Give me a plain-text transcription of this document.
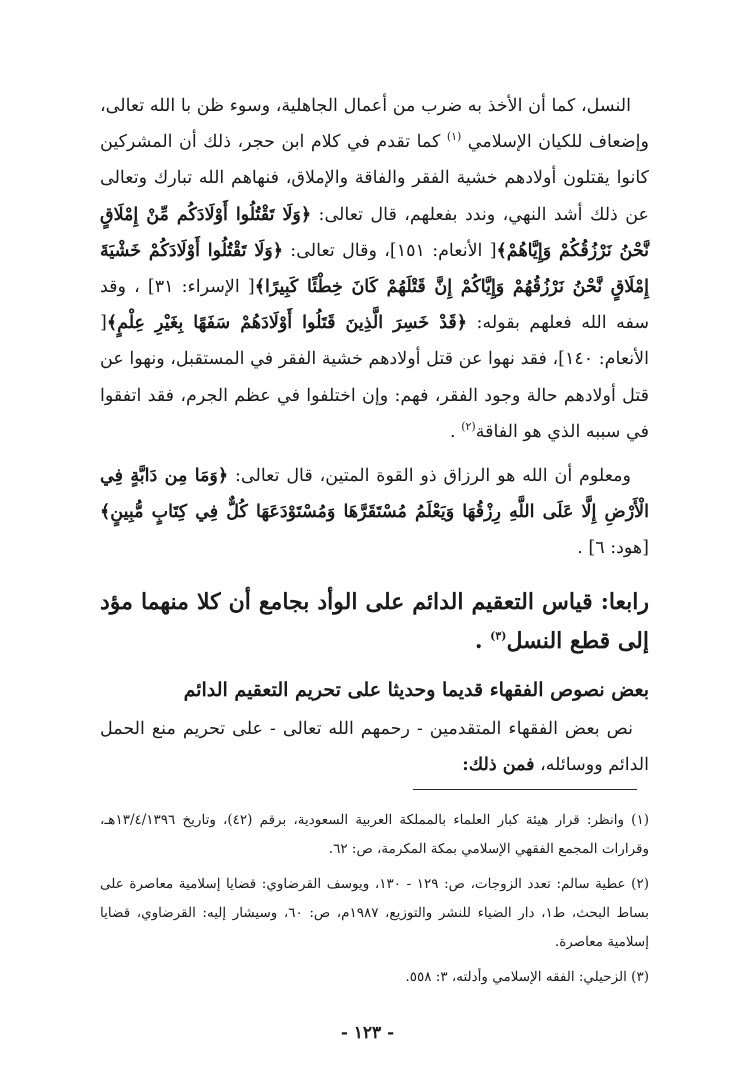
النسل، كما أن الأخذ به ضرب من أعمال الجاهلية، وسوء ظن با الله تعالى، وإضعاف للكيان الإسلامي $^{(١)}$ كما تقدم في كلام ابن حجر، ذلك أن المشركين كانوا يقتلون أولادهم خشية الفقر والفاقة والإملاق، فنهاهم الله تبارك وتعالى عن ذلك أشد النهي، وندد بفعلهم، قال تعالى: ﴿وَلَا تَقْتُلُوا أَوْلَادَكُم مِّنْ إِمْلَاقٍ نَّحْنُ نَرْزُقُكُمْ وَإِيَّاهُمْ﴾[ الأنعام: ١٥١]، وقال تعالى: ﴿وَلَا تَقْتُلُوا أَوْلَادَكُمْ خَشْيَةَ إِمْلَاقٍ نَّحْنُ نَرْزُقُهُمْ وَإِيَّاكُمْ إِنَّ قَتْلَهُمْ كَانَ خِطْئًا كَبِيرًا﴾[ الإسراء: ٣١] ، وقد سفه الله فعلهم بقوله: ﴿قَدْ خَسِرَ الَّذِينَ قَتَلُوا أَوْلَادَهُمْ سَفَهًا بِغَيْرِ عِلْمٍ﴾[ الأنعام: ١٤٠]، فقد نهوا عن قتل أولادهم خشية الفقر في المستقبل، ونهوا عن قتل أولادهم حالة وجود الفقر، فهم: وإن اختلفوا في عظم الجرم، فقد اتفقوا في سببه الذي هو الفاقة$^{(٢)}$ .

ومعلوم أن الله هو الرزاق ذو القوة المتين، قال تعالى: ﴿وَمَا مِن دَابَّةٍ فِي الْأَرْضِ إِلَّا عَلَى اللَّهِ رِزْقُهَا وَيَعْلَمُ مُسْتَقَرَّهَا وَمُسْتَوْدَعَهَا كُلٌّ فِي كِتَابٍ مُّبِينٍ﴾[هود: ٦] .

رابعا: قياس التعقيم الدائم على الوأد بجامع أن كلا منهما مؤد إلى قطع النسل$^{(٣)}$ .

بعض نصوص الفقهاء قديما وحديثا على تحريم التعقيم الدائم

نص بعض الفقهاء المتقدمين - رحمهم الله تعالى - على تحريم منع الحمل الدائم ووسائله، فمن ذلك:

(١) وانظر: قرار هيئة كبار العلماء بالمملكة العربية السعودية، برقم (٤٢)، وتاريخ ١٣/٤/١٣٩٦هـ، وقرارات المجمع الفقهي الإسلامي بمكة المكرمة، ص: ٦٢.

(٢) عطية سالم: تعدد الزوجات، ص: ١٢٩ - ١٣٠، ويوسف القرضاوي: قضايا إسلامية معاصرة على بساط البحث، ط١، دار الضياء للنشر والتوزيع، ١٩٨٧م، ص: ٦٠، وسيشار إليه: القرضاوي، قضايا إسلامية معاصرة.

(٣) الزحيلي: الفقه الإسلامي وأدلته، ٣: ٥٥٨.

- ١٢٣ -
